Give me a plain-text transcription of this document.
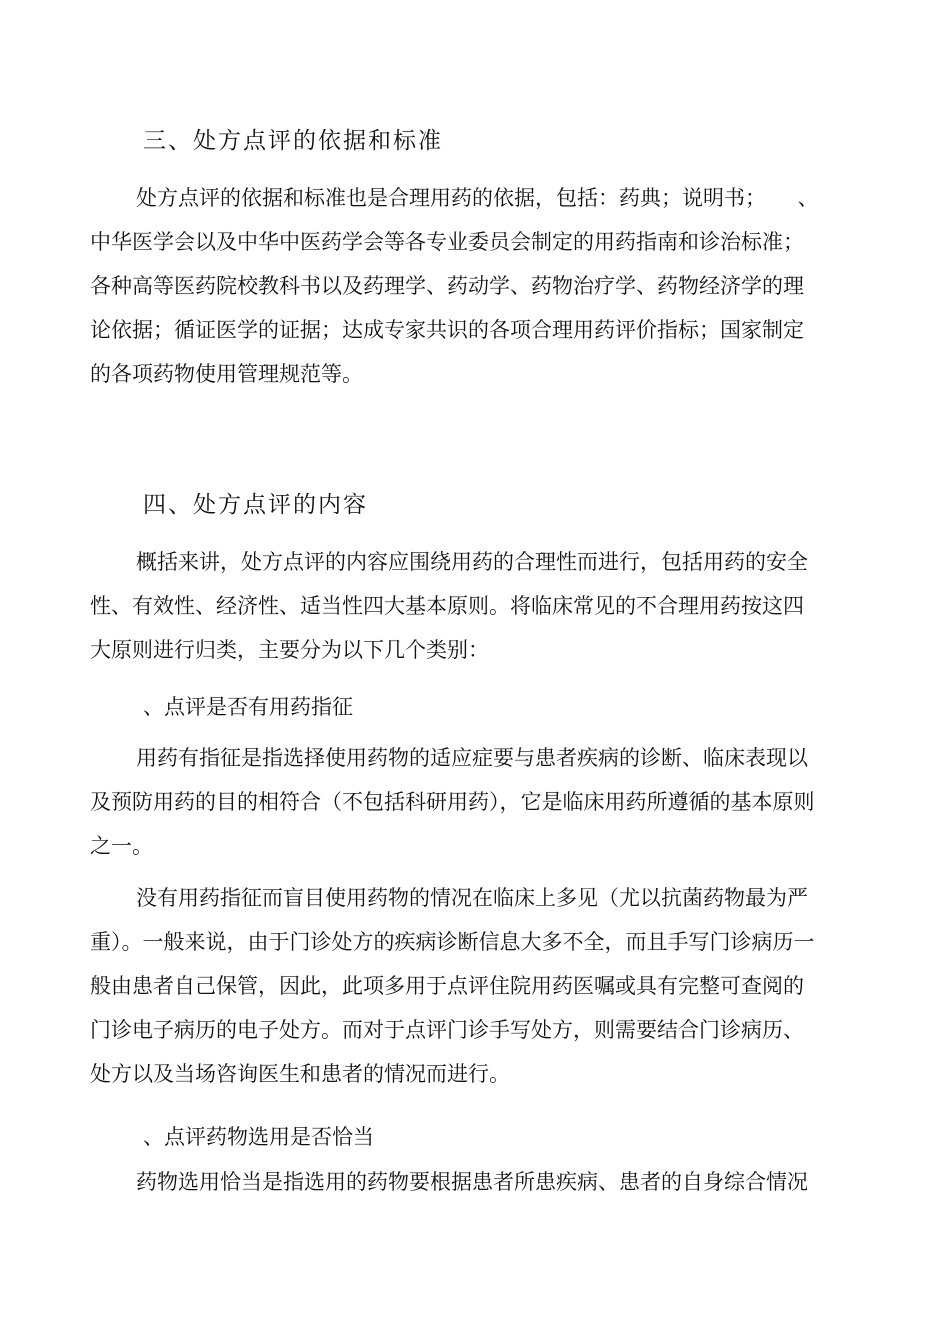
三、处方点评的依据和标准
处方点评的依据和标准也是合理用药的依据，包括：药典；说明书；　　、
中华医学会以及中华中医药学会等各专业委员会制定的用药指南和诊治标准；
各种高等医药院校教科书以及药理学、药动学、药物治疗学、药物经济学的理
论依据；循证医学的证据；达成专家共识的各项合理用药评价指标；国家制定
的各项药物使用管理规范等。
四、处方点评的内容
概括来讲，处方点评的内容应围绕用药的合理性而进行，包括用药的安全
性、有效性、经济性、适当性四大基本原则。将临床常见的不合理用药按这四
大原则进行归类，主要分为以下几个类别：
、点评是否有用药指征
用药有指征是指选择使用药物的适应症要与患者疾病的诊断、临床表现以
及预防用药的目的相符合（不包括科研用药），它是临床用药所遵循的基本原则
之一。
没有用药指征而盲目使用药物的情况在临床上多见（尤以抗菌药物最为严
重）。一般来说，由于门诊处方的疾病诊断信息大多不全，而且手写门诊病历一
般由患者自己保管，因此，此项多用于点评住院用药医嘱或具有完整可查阅的
门诊电子病历的电子处方。而对于点评门诊手写处方，则需要结合门诊病历、
处方以及当场咨询医生和患者的情况而进行。
、点评药物选用是否恰当
药物选用恰当是指选用的药物要根据患者所患疾病、患者的自身综合情况
